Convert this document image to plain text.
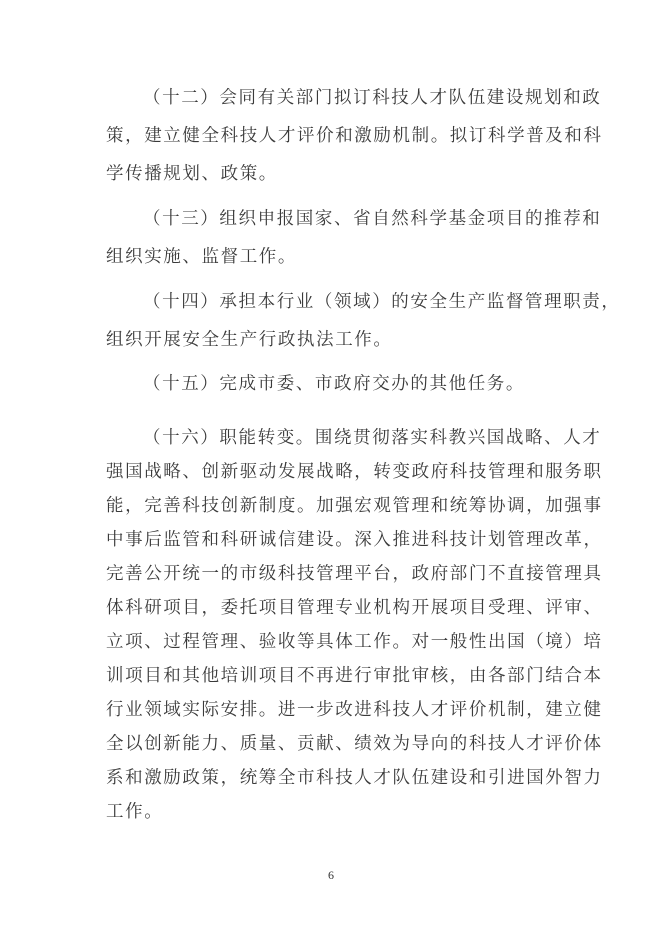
（十二）会同有关部门拟订科技人才队伍建设规划和政

策，建立健全科技人才评价和激励机制。拟订科学普及和科

学传播规划、政策。

（十三）组织申报国家、省自然科学基金项目的推荐和

组织实施、监督工作。

（十四）承担本行业（领域）的安全生产监督管理职责，

组织开展安全生产行政执法工作。

（十五）完成市委、市政府交办的其他任务。

（十六）职能转变。围绕贯彻落实科教兴国战略、人才

强国战略、创新驱动发展战略，转变政府科技管理和服务职

能，完善科技创新制度。加强宏观管理和统筹协调，加强事

中事后监管和科研诚信建设。深入推进科技计划管理改革，

完善公开统一的市级科技管理平台，政府部门不直接管理具

体科研项目，委托项目管理专业机构开展项目受理、评审、

立项、过程管理、验收等具体工作。对一般性出国（境）培

训项目和其他培训项目不再进行审批审核，由各部门结合本

行业领域实际安排。进一步改进科技人才评价机制，建立健

全以创新能力、质量、贡献、绩效为导向的科技人才评价体

系和激励政策，统筹全市科技人才队伍建设和引进国外智力

工作。

6
